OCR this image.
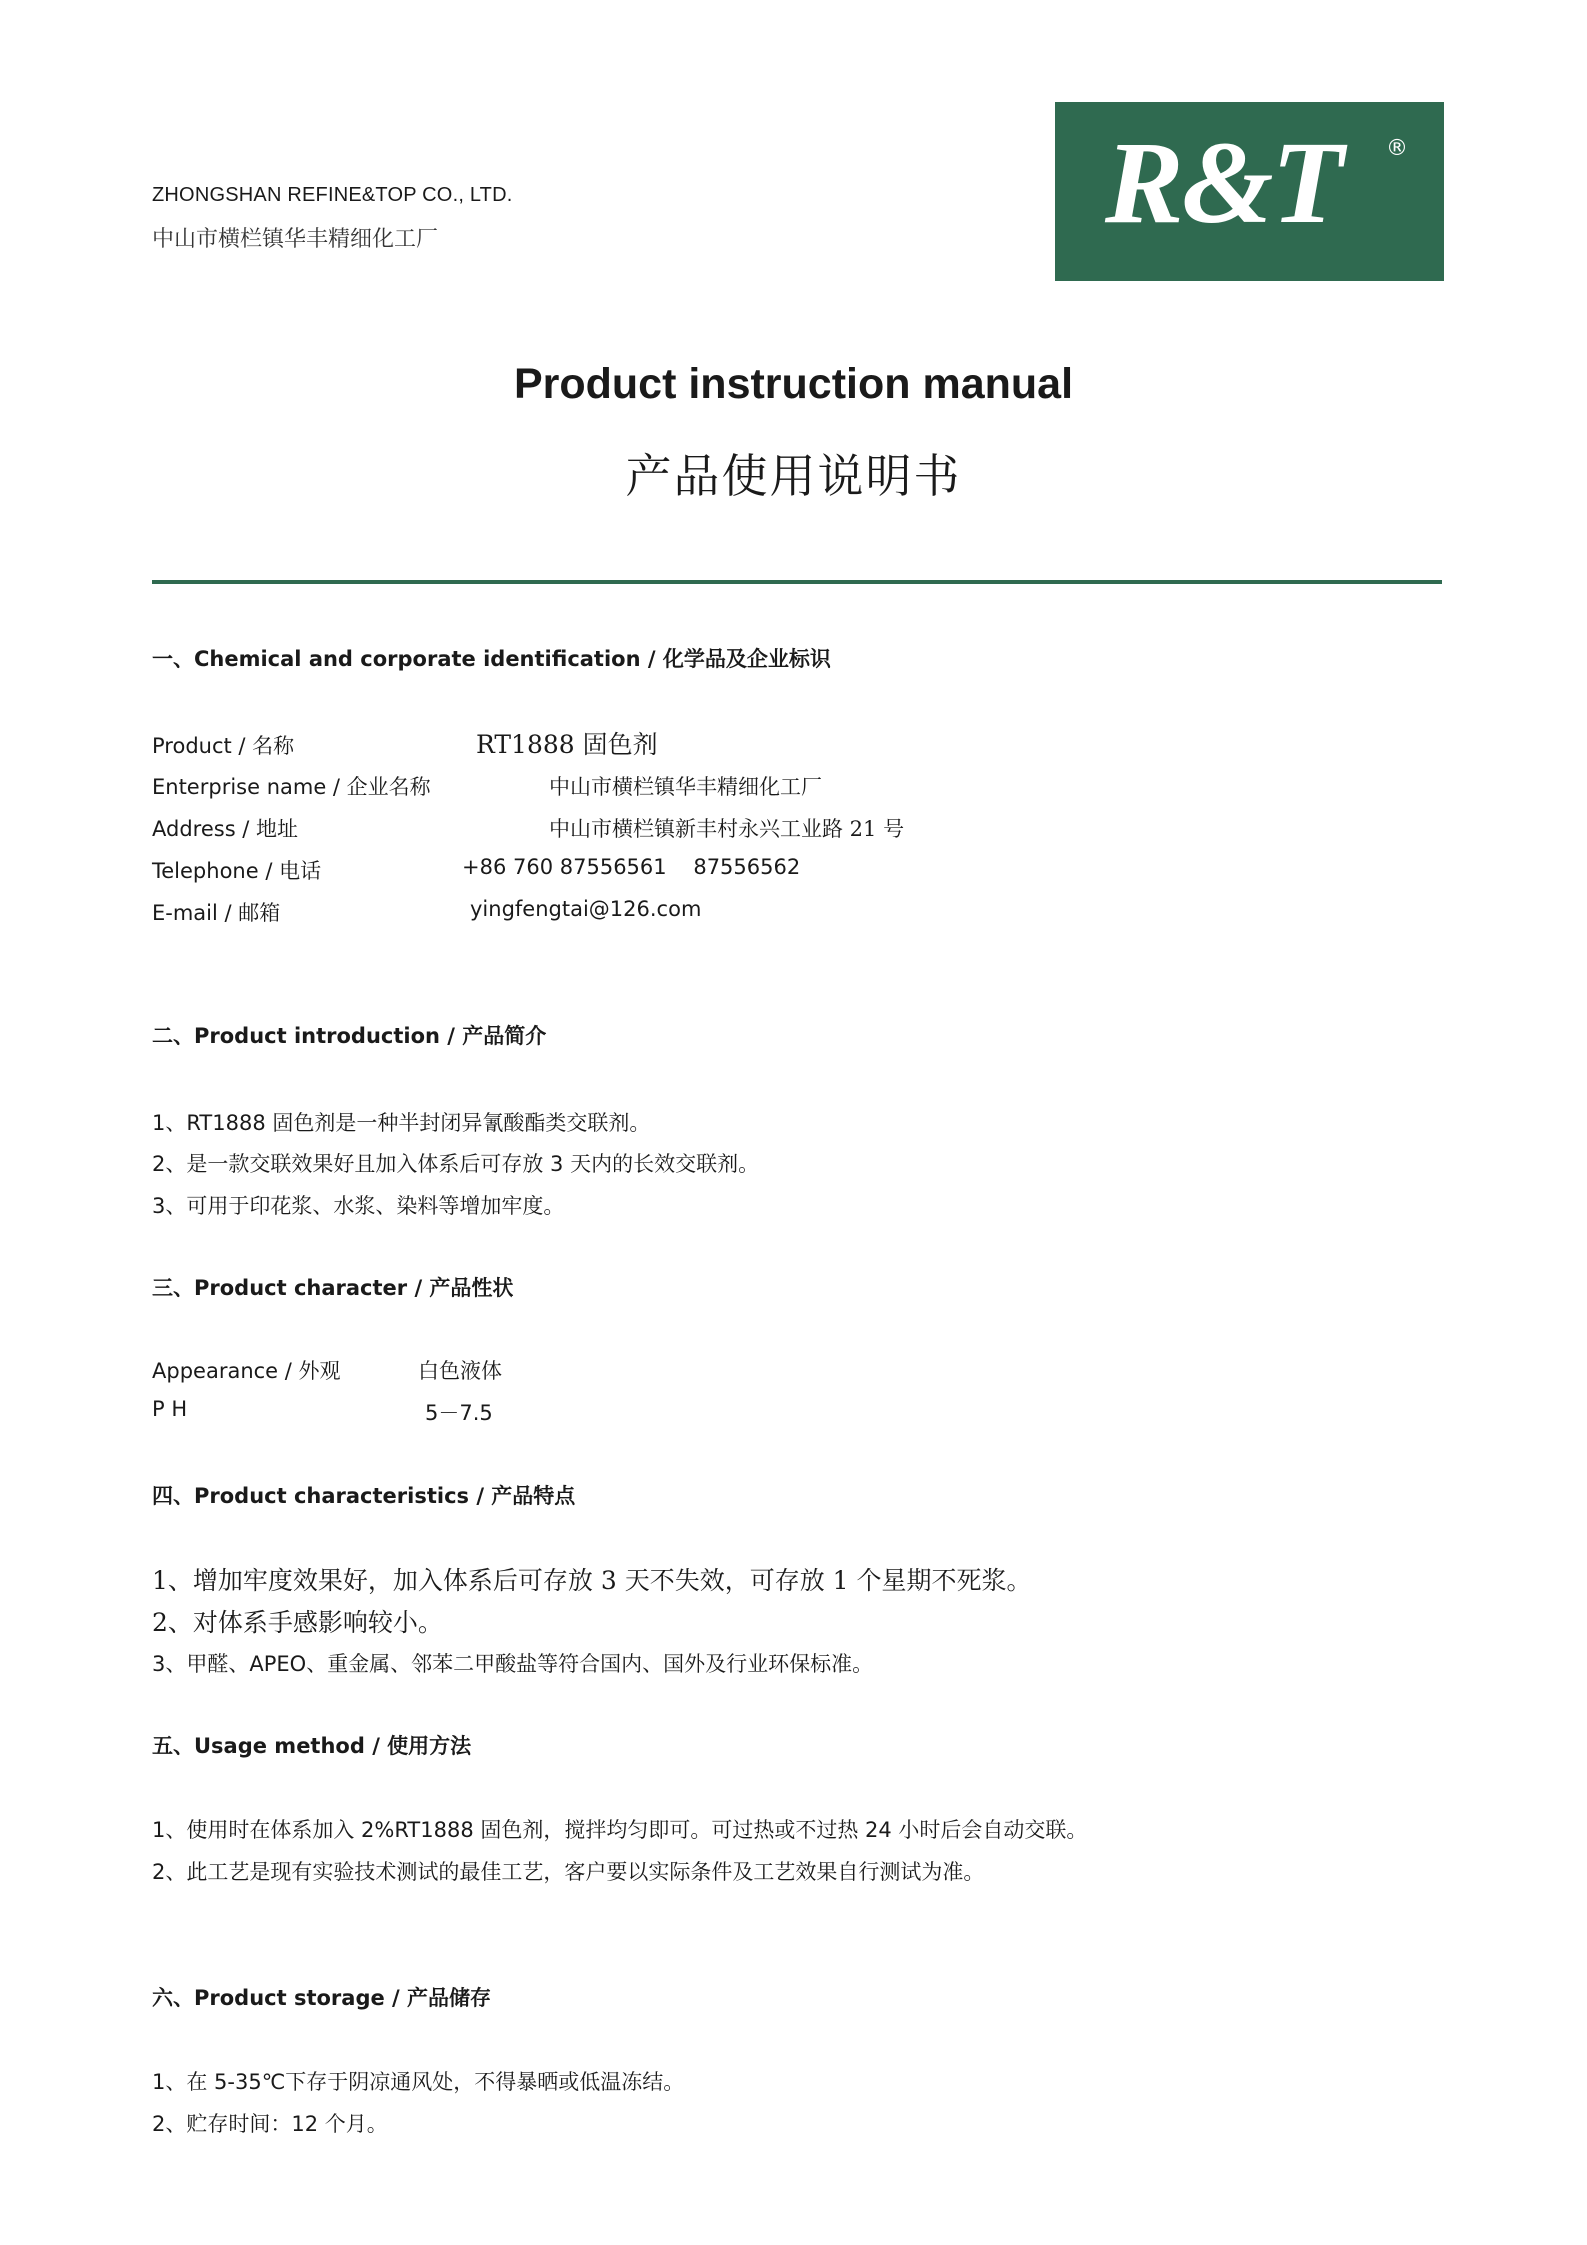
ZHONGSHAN REFINE&TOP CO., LTD.
中山市横栏镇华丰精细化工厂	R&T ®
Product instruction manual
产品使用说明书
一、Chemical and corporate identification / 化学品及企业标识
Product / 名称	RT1888 固色剂
Enterprise name / 企业名称	中山市横栏镇华丰精细化工厂
Address / 地址	中山市横栏镇新丰村永兴工业路 21 号
Telephone / 电话	+86 760 87556561    87556562
E-mail / 邮箱	yingfengtai@126.com
二、Product introduction / 产品简介
1、RT1888 固色剂是一种半封闭异氰酸酯类交联剂。
2、是一款交联效果好且加入体系后可存放 3 天内的长效交联剂。
3、可用于印花浆、水浆、染料等增加牢度。
三、Product character / 产品性状
Appearance / 外观	白色液体
P H	5－7.5
四、Product characteristics / 产品特点
1、增加牢度效果好，加入体系后可存放 3 天不失效，可存放 1 个星期不死浆。
2、对体系手感影响较小。
3、甲醛、APEO、重金属、邻苯二甲酸盐等符合国内、国外及行业环保标准。
五、Usage method / 使用方法
1、使用时在体系加入 2%RT1888 固色剂，搅拌均匀即可。可过热或不过热 24 小时后会自动交联。
2、此工艺是现有实验技术测试的最佳工艺，客户要以实际条件及工艺效果自行测试为准。
六、Product storage / 产品储存
1、在 5-35℃下存于阴凉通风处，不得暴晒或低温冻结。
2、贮存时间：12 个月。
